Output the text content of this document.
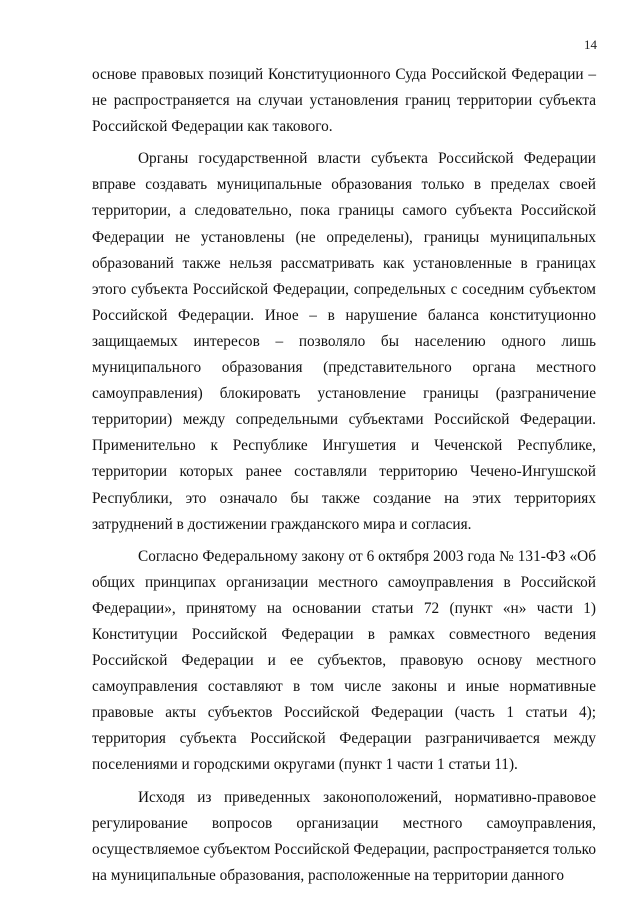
14

основе правовых позиций Конституционного Суда Российской Федерации – не распространяется на случаи установления границ территории субъекта Российской Федерации как такового.

Органы государственной власти субъекта Российской Федерации вправе создавать муниципальные образования только в пределах своей территории, а следовательно, пока границы самого субъекта Российской Федерации не установлены (не определены), границы муниципальных образований также нельзя рассматривать как установленные в границах этого субъекта Российской Федерации, сопредельных с соседним субъектом Российской Федерации. Иное – в нарушение баланса конституционно защищаемых интересов – позволяло бы населению одного лишь муниципального образования (представительного органа местного самоуправления) блокировать установление границы (разграничение территории) между сопредельными субъектами Российской Федерации. Применительно к Республике Ингушетия и Чеченской Республике, территории которых ранее составляли территорию Чечено-Ингушской Республики, это означало бы также создание на этих территориях затруднений в достижении гражданского мира и согласия.

Согласно Федеральному закону от 6 октября 2003 года № 131-ФЗ «Об общих принципах организации местного самоуправления в Российской Федерации», принятому на основании статьи 72 (пункт «н» части 1) Конституции Российской Федерации в рамках совместного ведения Российской Федерации и ее субъектов, правовую основу местного самоуправления составляют в том числе законы и иные нормативные правовые акты субъектов Российской Федерации (часть 1 статьи 4); территория субъекта Российской Федерации разграничивается между поселениями и городскими округами (пункт 1 части 1 статьи 11).

Исходя из приведенных законоположений, нормативно-правовое регулирование вопросов организации местного самоуправления, осуществляемое субъектом Российской Федерации, распространяется только на муниципальные образования, расположенные на территории данного
